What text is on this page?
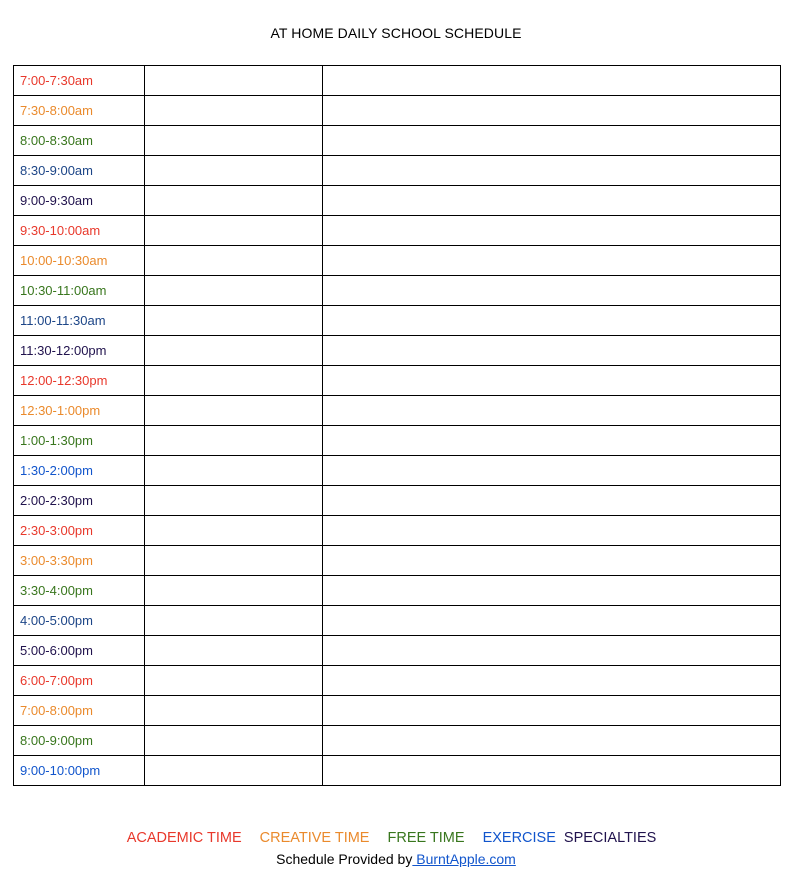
AT HOME DAILY SCHOOL SCHEDULE
7:00-7:30am		
7:30-8:00am		
8:00-8:30am		
8:30-9:00am		
9:00-9:30am		
9:30-10:00am		
10:00-10:30am		
10:30-11:00am		
11:00-11:30am		
11:30-12:00pm		
12:00-12:30pm		
12:30-1:00pm		
1:00-1:30pm		
1:30-2:00pm		
2:00-2:30pm		
2:30-3:00pm		
3:00-3:30pm		
3:30-4:00pm		
4:00-5:00pm		
5:00-6:00pm		
6:00-7:00pm		
7:00-8:00pm		
8:00-9:00pm		
9:00-10:00pm		
ACADEMIC TIME CREATIVE TIME FREE TIME EXERCISE SPECIALTIES
Schedule Provided by BurntApple.com
